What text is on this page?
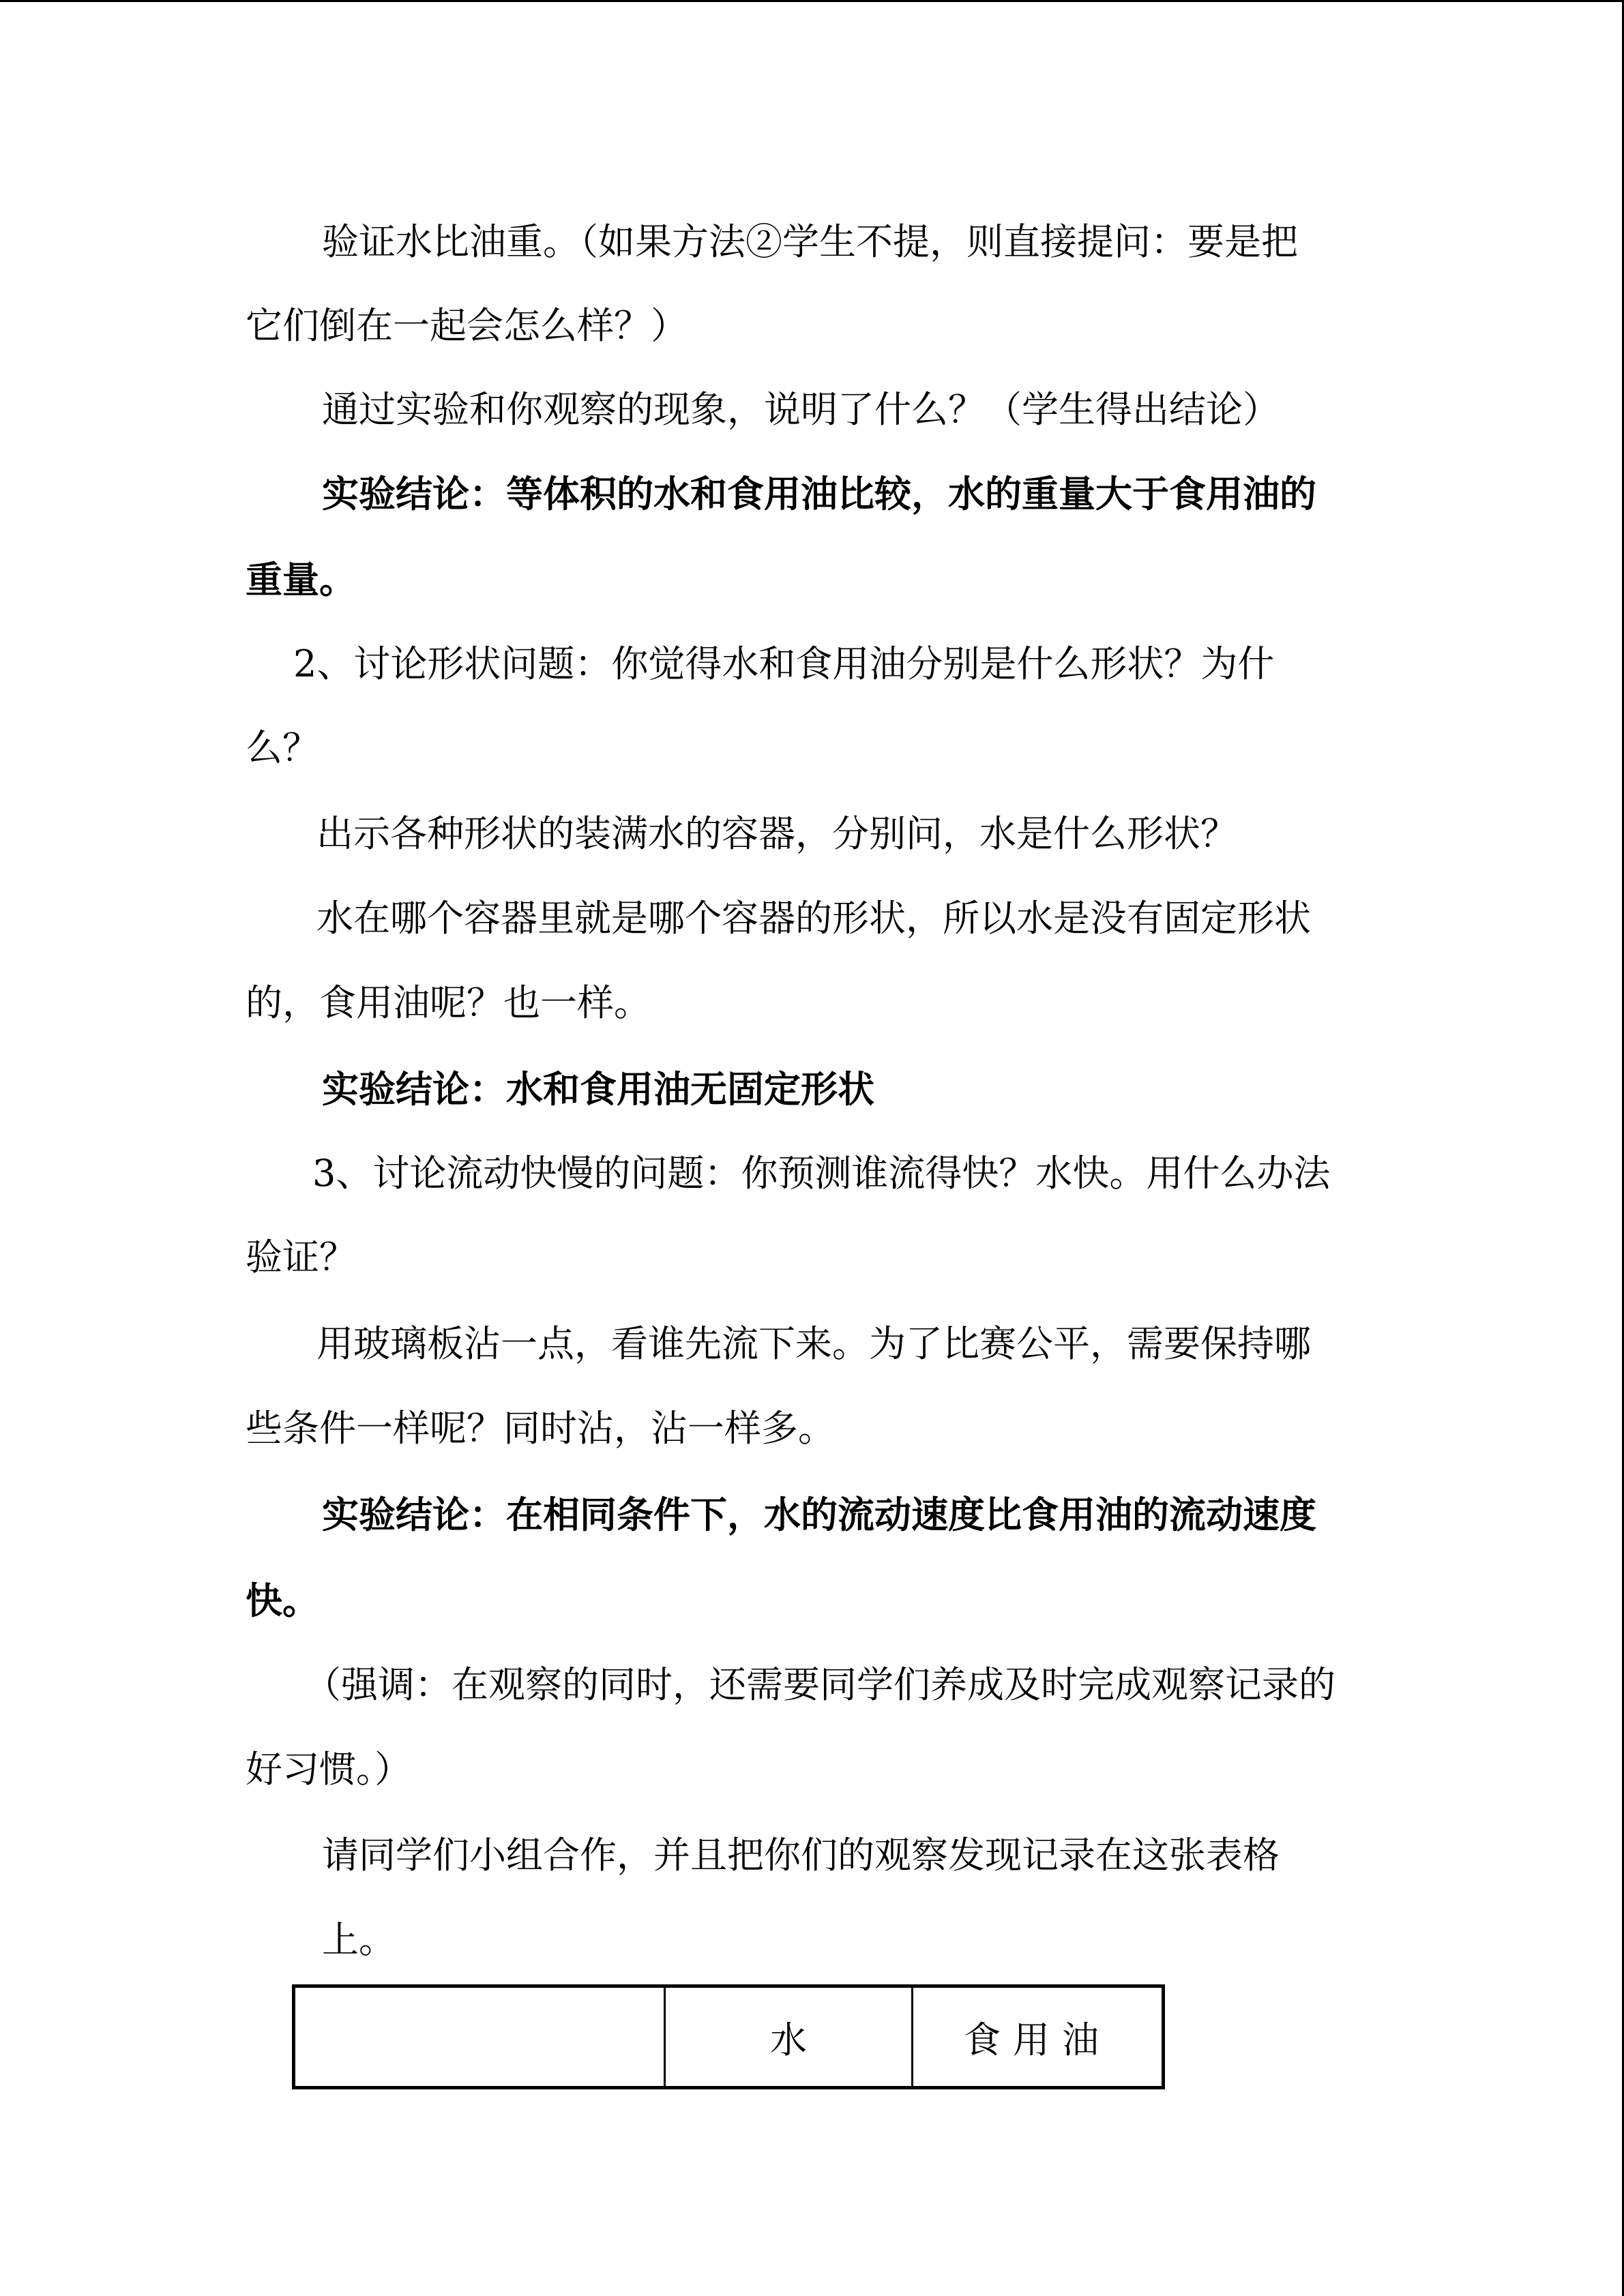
验证水比油重。（如果方法②学生不提，则直接提问：要是把
它们倒在一起会怎么样？）
通过实验和你观察的现象，说明了什么？（学生得出结论）
实验结论：等体积的水和食用油比较，水的重量大于食用油的
重量。
2、讨论形状问题：你觉得水和食用油分别是什么形状？为什
么？
出示各种形状的装满水的容器，分别问，水是什么形状？
水在哪个容器里就是哪个容器的形状，所以水是没有固定形状
的，食用油呢？也一样。
实验结论：水和食用油无固定形状
3、讨论流动快慢的问题：你预测谁流得快？水快。用什么办法
验证？
用玻璃板沾一点，看谁先流下来。为了比赛公平，需要保持哪
些条件一样呢？同时沾，沾一样多。
实验结论：在相同条件下，水的流动速度比食用油的流动速度
快。
（强调：在观察的同时，还需要同学们养成及时完成观察记录的
好习惯。）
请同学们小组合作，并且把你们的观察发现记录在这张表格
上。
	水	食用油
